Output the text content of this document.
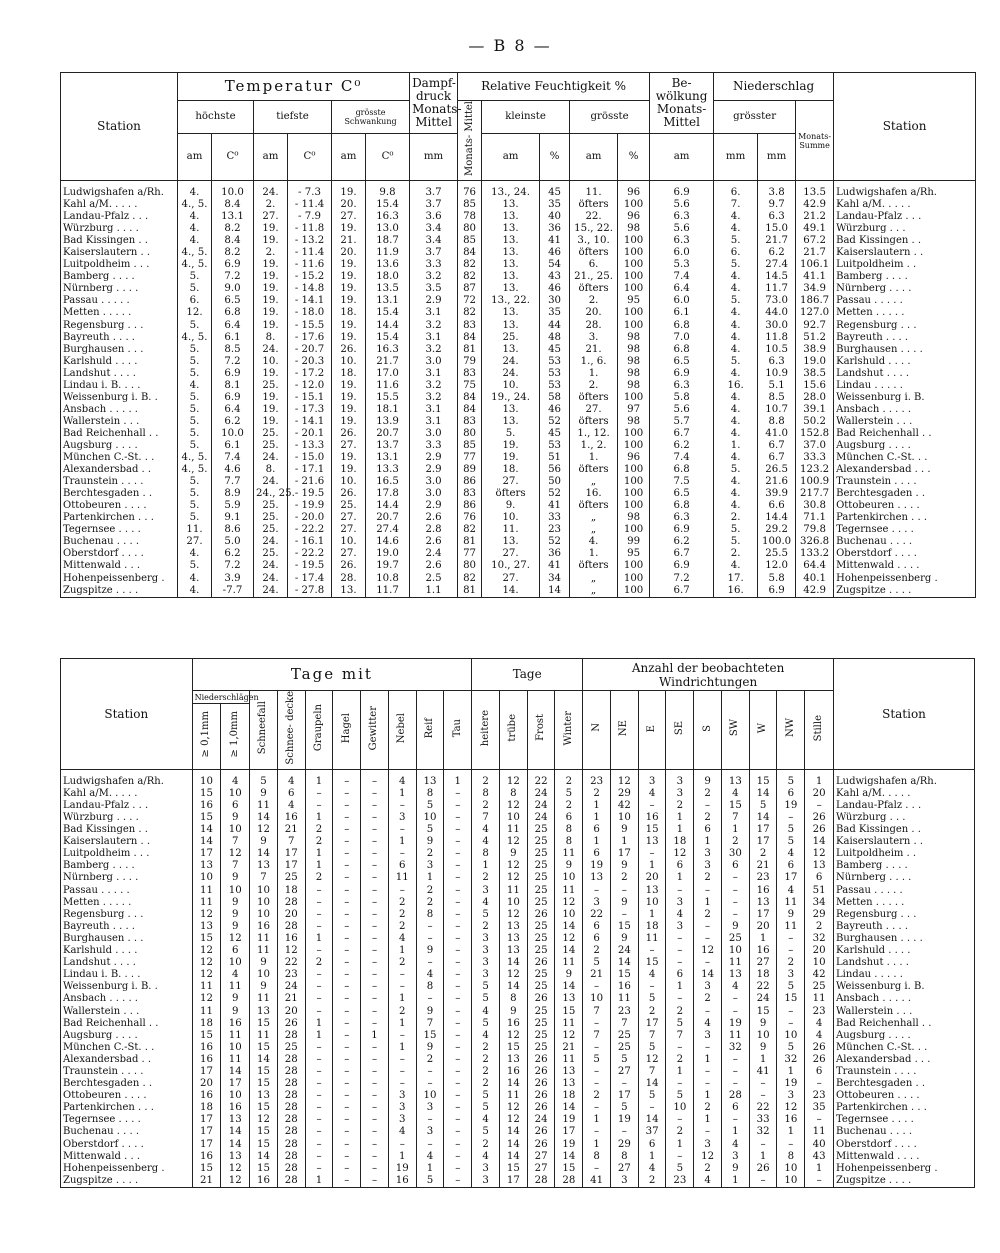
— B 8 —
Station	Temperatur C⁰						Dampf- druck
Monats- Mittel	Relative Feuchtigkeit %					Be- wölkung
Monats- Mittel	Niederschlag			Station
	höchste		tiefste		grösste Schwankung			Monats- Mittel	kleinste		grösste			grösster		Monats- Summe	
	am	C⁰	am	C⁰	am	C⁰	mm		am	%	am	%	am	mm	mm		
Ludwigshafen a/Rh.	4.	10.0	24.	- 7.3	19.	9.8	3.7	76	13., 24.	45	11.	96	6.9	6.	3.8	13.5	Ludwigshafen a/Rh.
Kahl a/M. . . . .	4., 5.	8.4	2.	- 11.4	20.	15.4	3.7	85	13.	35	öfters	100	5.6	7.	9.7	42.9	Kahl a/M. . . . .
Landau-Pfalz . . .	4.	13.1	27.	- 7.9	27.	16.3	3.6	78	13.	40	22.	96	6.3	4.	6.3	21.2	Landau-Pfalz . . .
Würzburg . . . .	4.	8.2	19.	- 11.8	19.	13.0	3.4	80	13.	36	15., 22.	98	5.6	4.	15.0	49.1	Würzburg . . .
Bad Kissingen . .	4.	8.4	19.	- 13.2	21.	18.7	3.4	85	13.	41	3., 10.	100	6.3	5.	21.7	67.2	Bad Kissingen . .
Kaiserslautern . .	4., 5.	8.2	2.	- 11.4	20.	11.9	3.7	84	13.	46	öfters	100	6.0	6.	6.2	21.7	Kaiserslautern . .
Luitpoldheim . . .	4., 5.	6.9	19.	- 11.6	19.	13.6	3.3	82	13.	54	6.	100	5.3	5.	27.4	106.1	Luitpoldheim . .
Bamberg . . . .	5.	7.2	19.	- 15.2	19.	18.0	3.2	82	13.	43	21., 25.	100	7.4	4.	14.5	41.1	Bamberg . . . .
Nürnberg . . . .	5.	9.0	19.	- 14.8	19.	13.5	3.5	87	13.	46	öfters	100	6.4	4.	11.7	34.9	Nürnberg . . . .
Passau . . . . .	6.	6.5	19.	- 14.1	19.	13.1	2.9	72	13., 22.	30	2.	95	6.0	5.	73.0	186.7	Passau . . . . .
Metten . . . . .	12.	6.8	19.	- 18.0	18.	15.4	3.1	82	13.	35	20.	100	6.1	4.	44.0	127.0	Metten . . . . .
Regensburg . . .	5.	6.4	19.	- 15.5	19.	14.4	3.2	83	13.	44	28.	100	6.8	4.	30.0	92.7	Regensburg . . .
Bayreuth . . . .	4., 5.	6.1	8.	- 17.6	19.	15.4	3.1	84	25.	48	3.	98	7.0	4.	11.8	51.2	Bayreuth . . . .
Burghausen . . .	5.	8.5	24.	- 20.7	26.	16.3	3.2	81	13.	45	21.	98	6.8	4.	10.5	38.9	Burghausen . . . .
Karlshuld . . . .	5.	7.2	10.	- 20.3	10.	21.7	3.0	79	24.	53	1., 6.	98	6.5	5.	6.3	19.0	Karlshuld . . . .
Landshut . . . .	5.	6.9	19.	- 17.2	18.	17.0	3.1	83	24.	53	1.	98	6.9	4.	10.9	38.5	Landshut . . . .
Lindau i. B. . . .	4.	8.1	25.	- 12.0	19.	11.6	3.2	75	10.	53	2.	98	6.3	16.	5.1	15.6	Lindau . . . . .
Weissenburg i. B. .	5.	6.9	19.	- 15.1	19.	15.5	3.2	84	19., 24.	58	öfters	100	5.8	4.	8.5	28.0	Weissenburg i. B.
Ansbach . . . . .	5.	6.4	19.	- 17.3	19.	18.1	3.1	84	13.	46	27.	97	5.6	4.	10.7	39.1	Ansbach . . . . .
Wallerstein . . .	5.	6.2	19.	- 14.1	19.	13.9	3.1	83	13.	52	öfters	98	5.7	4.	8.8	50.2	Wallerstein . . .
Bad Reichenhall . .	5.	10.0	25.	- 20.1	26.	20.7	3.0	80	5.	45	1., 12.	100	6.7	4.	41.0	152.8	Bad Reichenhall . .
Augsburg . . . .	5.	6.1	25.	- 13.3	27.	13.7	3.3	85	19.	53	1., 2.	100	6.2	1.	6.7	37.0	Augsburg . . . .
München C.-St. . .	4., 5.	7.4	24.	- 15.0	19.	13.1	2.9	77	19.	51	1.	96	7.4	4.	6.7	33.3	München C.-St. . .
Alexandersbad . .	4., 5.	4.6	8.	- 17.1	19.	13.3	2.9	89	18.	56	öfters	100	6.8	5.	26.5	123.2	Alexandersbad . . .
Traunstein . . . .	5.	7.7	24.	- 21.6	10.	16.5	3.0	86	27.	50	„	100	7.5	4.	21.6	100.9	Traunstein . . . .
Berchtesgaden . .	5.	8.9	24., 25.	- 19.5	26.	17.8	3.0	83	öfters	52	16.	100	6.5	4.	39.9	217.7	Berchtesgaden . .
Ottobeuren . . . .	5.	5.9	25.	- 19.9	25.	14.4	2.9	86	9.	41	öfters	100	6.8	4.	6.6	30.8	Ottobeuren . . . .
Partenkirchen . . .	5.	9.1	25.	- 20.0	27.	20.7	2.6	76	10.	33	„	98	6.3	2.	14.4	71.1	Partenkirchen . . .
Tegernsee . . . .	11.	8.6	25.	- 22.2	27.	27.4	2.8	82	11.	23	„	100	6.9	5.	29.2	79.8	Tegernsee . . . .
Buchenau . . . .	27.	5.0	24.	- 16.1	10.	14.6	2.6	81	13.	52	4.	99	6.2	5.	100.0	326.8	Buchenau . . . .
Oberstdorf . . . .	4.	6.2	25.	- 22.2	27.	19.0	2.4	77	27.	36	1.	95	6.7	2.	25.5	133.2	Oberstdorf . . . .
Mittenwald . . .	5.	7.2	24.	- 19.5	26.	19.7	2.6	80	10., 27.	41	öfters	100	6.9	4.	12.0	64.4	Mittenwald . . . .
Hohenpeissenberg .	4.	3.9	24.	- 17.4	28.	10.8	2.5	82	27.	34	„	100	7.2	17.	5.8	40.1	Hohenpeissenberg .
Zugspitze . . . .	4.	-7.7	24.	- 27.8	13.	11.7	1.1	81	14.	14	„	100	6.7	16.	6.9	42.9	Zugspitze . . . .
Station	Tage mit										Tage				Anzahl der beobachteten Windrichtungen									Station
	Niederschlägen		Schneefall	Schnee- decke	Graupeln	Hagel	Gewitter	Nebel	Reif	Tau	heitere	trübe	Frost	Winter	N	NE	E	SE	S	SW	W	NW	Stille	
	≥ 0,1mm	≥ 1,0mm																						
Ludwigshafen a/Rh.	10	4	5	4	1	–	–	4	13	1	2	12	22	2	23	12	3	3	9	13	15	5	1	Ludwigshafen a/Rh.
Kahl a/M. . . . .	15	10	9	6	–	–	–	1	8	–	8	8	24	5	2	29	4	3	2	4	14	6	20	Kahl a/M. . . . .
Landau-Pfalz . . .	16	6	11	4	–	–	–	–	5	–	2	12	24	2	1	42	–	2	–	15	5	19	–	Landau-Pfalz . . .
Würzburg . . . .	15	9	14	16	1	–	–	3	10	–	7	10	24	6	1	10	16	1	2	7	14	–	26	Würzburg . . .
Bad Kissingen . .	14	10	12	21	2	–	–	–	5	–	4	11	25	8	6	9	15	1	6	1	17	5	26	Bad Kissingen . .
Kaiserslautern . .	14	7	9	7	2	–	–	1	9	–	4	12	25	8	1	1	13	18	1	2	17	5	14	Kaiserslautern . .
Luitpoldheim . . .	17	12	14	17	1	–	–	–	2	–	8	9	25	11	6	17	–	12	3	30	2	4	12	Luitpoldheim . .
Bamberg . . . .	13	7	13	17	1	–	–	6	3	–	1	12	25	9	19	9	1	6	3	6	21	6	13	Bamberg . . . .
Nürnberg . . . .	10	9	7	25	2	–	–	11	1	–	2	12	25	10	13	2	20	1	2	–	23	17	6	Nürnberg . . . .
Passau . . . . .	11	10	10	18	–	–	–	–	2	–	3	11	25	11	–	–	13	–	–	–	16	4	51	Passau . . . . .
Metten . . . . .	11	9	10	28	–	–	–	2	2	–	4	10	25	12	3	9	10	3	1	–	13	11	34	Metten . . . . .
Regensburg . . .	12	9	10	20	–	–	–	2	8	–	5	12	26	10	22	–	1	4	2	–	17	9	29	Regensburg . . .
Bayreuth . . . .	13	9	16	28	–	–	–	2	–	–	2	13	25	14	6	15	18	3	–	9	20	11	2	Bayreuth . . . .
Burghausen . . .	15	12	11	16	1	–	–	4	–	–	3	13	25	12	6	9	11	–	–	25	1	–	32	Burghausen . . . .
Karlshuld . . . .	12	6	11	12	–	–	–	1	9	–	3	13	25	14	2	24	–	–	12	10	16	–	20	Karlshuld . . . .
Landshut . . . .	12	10	9	22	2	–	–	2	–	–	3	14	26	11	5	14	15	–	–	11	27	2	10	Landshut . . . .
Lindau i. B. . . .	12	4	10	23	–	–	–	–	4	–	3	12	25	9	21	15	4	6	14	13	18	3	42	Lindau . . . . .
Weissenburg i. B. .	11	11	9	24	–	–	–	–	8	–	5	14	25	14	–	16	–	1	3	4	22	5	25	Weissenburg i. B.
Ansbach . . . . .	12	9	11	21	–	–	–	1	–	–	5	8	26	13	10	11	5	–	2	–	24	15	11	Ansbach . . . . .
Wallerstein . . .	11	9	13	20	–	–	–	2	9	–	4	9	25	15	7	23	2	2	–	–	15	–	23	Wallerstein . . .
Bad Reichenhall . .	18	16	15	26	1	–	–	1	7	–	5	16	25	11	–	7	17	5	4	19	9	–	4	Bad Reichenhall . .
Augsburg . . . .	15	11	11	28	1	–	1	–	15	–	4	12	25	12	7	25	7	7	3	11	10	10	4	Augsburg . . . .
München C.-St. . .	16	10	15	25	–	–	–	1	9	–	2	15	25	21	–	25	5	–	–	32	9	5	26	München C.-St. . .
Alexandersbad . .	16	11	14	28	–	–	–	–	2	–	2	13	26	11	5	5	12	2	1	–	1	32	26	Alexandersbad . . .
Traunstein . . . .	17	14	15	28	–	–	–	–	–	–	2	16	26	13	–	27	7	1	–	–	41	1	6	Traunstein . . . .
Berchtesgaden . .	20	17	15	28	–	–	–	–	–	–	2	14	26	13	–	–	14	–	–	–	–	19	–	Berchtesgaden . .
Ottobeuren . . . .	16	10	13	28	–	–	–	3	10	–	5	11	26	18	2	17	5	5	1	28	–	3	23	Ottobeuren . . . .
Partenkirchen . . .	18	16	15	28	–	–	–	3	3	–	5	12	26	14	–	5	–	10	2	6	22	12	35	Partenkirchen . . .
Tegernsee . . . .	17	13	12	28	–	–	–	3	–	–	4	12	24	19	1	19	14	–	1	–	33	16	–	Tegernsee . . . .
Buchenau . . . .	17	14	15	28	–	–	–	4	3	–	5	14	26	17	–	–	37	2	–	1	32	1	11	Buchenau . . . .
Oberstdorf . . . .	17	14	15	28	–	–	–	–	–	–	2	14	26	19	1	29	6	1	3	4	–	–	40	Oberstdorf . . . .
Mittenwald . . .	16	13	14	28	–	–	–	1	4	–	4	14	27	14	8	8	1	–	12	3	1	8	43	Mittenwald . . . .
Hohenpeissenberg .	15	12	15	28	–	–	–	19	1	–	3	15	27	15	–	27	4	5	2	9	26	10	1	Hohenpeissenberg .
Zugspitze . . . .	21	12	16	28	1	–	–	16	5	–	3	17	28	28	41	3	2	23	4	1	–	10	–	Zugspitze . . . .
